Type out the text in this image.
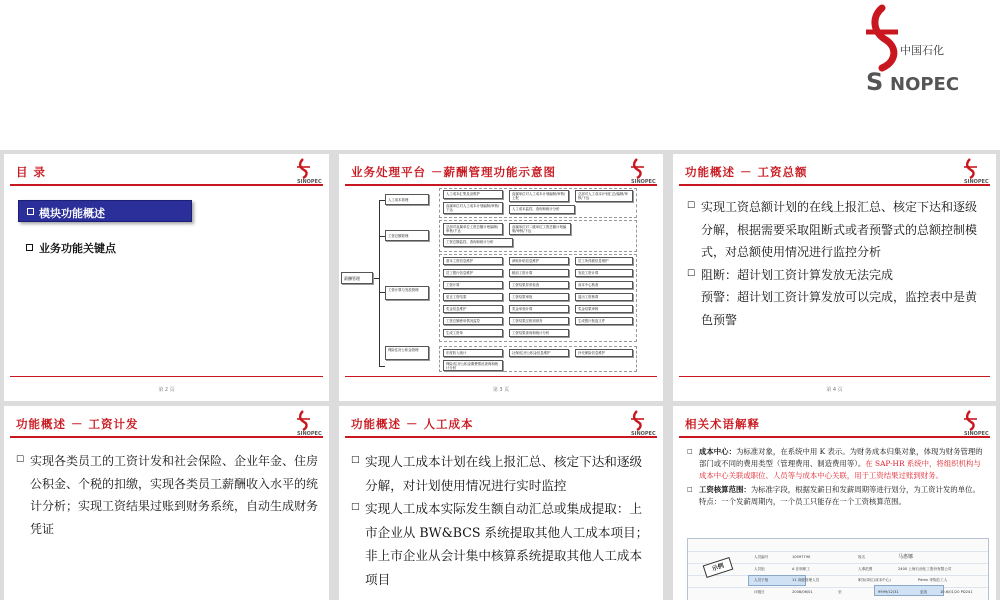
中国石化
S NOPEC
目 录
SINOPEC
模块功能概述
业务功能关键点
第 2 页
业务处理平台 －薪酬管理功能示意图
SINOPEC
薪酬管理
人工成本管理
工资总额管理
工资计算与发放管理
保险住房公积金管理
人工成本汇集及录维护	直属单位对人工成本计划编制/审核/上报
总部对人工成本计划汇总/编制/审核/下达
直属单位对人工成本计划编制/审核/下达	人工成本监控、查询和统计分析
总部对直属单位工资总额计划编制/审核/下达
直属单位对二级单位工资总额计划编制/审核/下达
工资总额监控、查询和统计分析
基本工资信息维护	津贴补贴信息维护	员工所得税信息维护
员工银行信息维护	税前工资计算	发放工资计算
工资计算	工资结果异常检查	成本中心核查
更正工资结果	工资结果审批	退出工资核算
奖金信息维护	奖金单独计算	奖金结果审核
工资总额使用情况监控	工资结果过账到财务	生成银行报盘文件
生成工资单	工资结果查询和统计分析
年度收入统计	社保/住房公积金信息维护	补充保险信息维护
保险/住房公积金缴费情况查询和统计分析
第 3 页
功能概述 － 工资总额
SINOPEC
□ 实现工资总额计划的在线上报汇总、核定下达和逐级分解，根据需要采取阻断式或者预警式的总额控制模式，对总额使用情况进行监控分析
□ 阻断：超计划工资计算发放无法完成
预警：超计划工资计算发放可以完成，监控表中是黄色预警
第 4 页
功能概述 － 工资计发
SINOPEC
□ 实现各类员工的工资计发和社会保险、企业年金、住房公积金、个税的扣缴，实现各类员工薪酬收入水平的统计分析；实现工资结果过账到财务系统，自动生成财务凭证
功能概述 － 人工成本
SINOPEC
□ 实现人工成本计划在线上报汇总、核定下达和逐级分解，对计划使用情况进行实时监控
□ 实现人工成本实际发生额自动汇总或集成提取：上市企业从 BW&BCS 系统提取其他人工成本项目；非上市企业从会计集中核算系统提取其他人工成本项目
相关术语解释
SINOPEC
□ 成本中心：为标准对象，在系统中用 K 表示。为财务成本归集对象，体现为财务管理的部门或不同的费用类型（管理费用、制造费用等）。在 SAP-HR 系统中，将组织机构与成本中心关联或职位、人员等与成本中心关联，用于工资结果过账到财务。
□ 工资核算范围：为标准字段，根据发薪日和发薪周期等进行划分，为工资计发的单位。特点：一个发薪周期内，一个员工只能存在一个工资核算范围。
人员编号	10097790	姓名	马惠娜
人员组	A 在职职工	人事范围	2400 上海石油化工股份有限公司
人员子组	11 高级管理人员	职务/岗位(成本中心)	Pdmn 采购总工人
评级日	2008/06/01	至	9999/12/31	更改	10.6/01/20 PD241
示例
